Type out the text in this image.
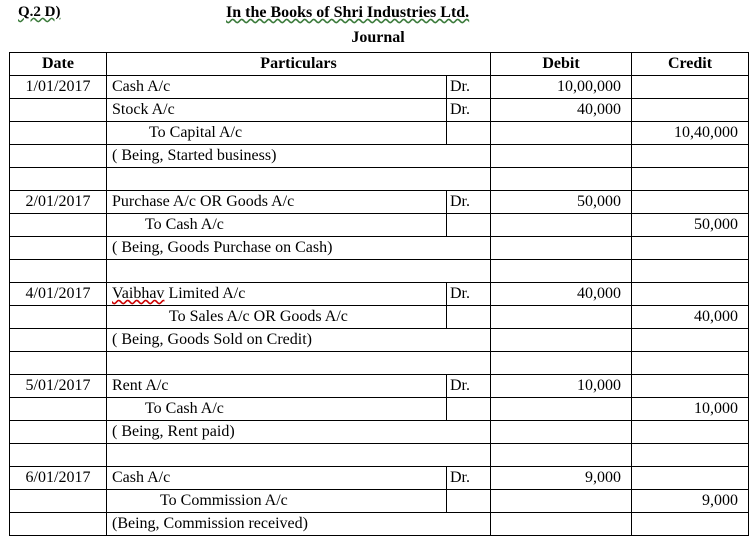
Q.2 D)	In the Books of Shri Industries Ltd.
Journal
Date	Particulars		Debit	Credit
1/01/2017	Cash A/c	Dr.	10,00,000	
	Stock A/c	Dr.	40,000	
	To Capital A/c			10,40,000
	( Being, Started business)			

2/01/2017	Purchase A/c OR Goods A/c	Dr.	50,000	
	To Cash A/c			50,000
	( Being, Goods Purchase on Cash)			

4/01/2017	Vaibhav Limited A/c	Dr.	40,000	
	To Sales A/c OR Goods A/c			40,000
	( Being, Goods Sold on Credit)			

5/01/2017	Rent A/c	Dr.	10,000	
	To Cash A/c			10,000
	( Being, Rent paid)			

6/01/2017	Cash A/c	Dr.	9,000	
	To Commission A/c			9,000
	(Being, Commission received)			
